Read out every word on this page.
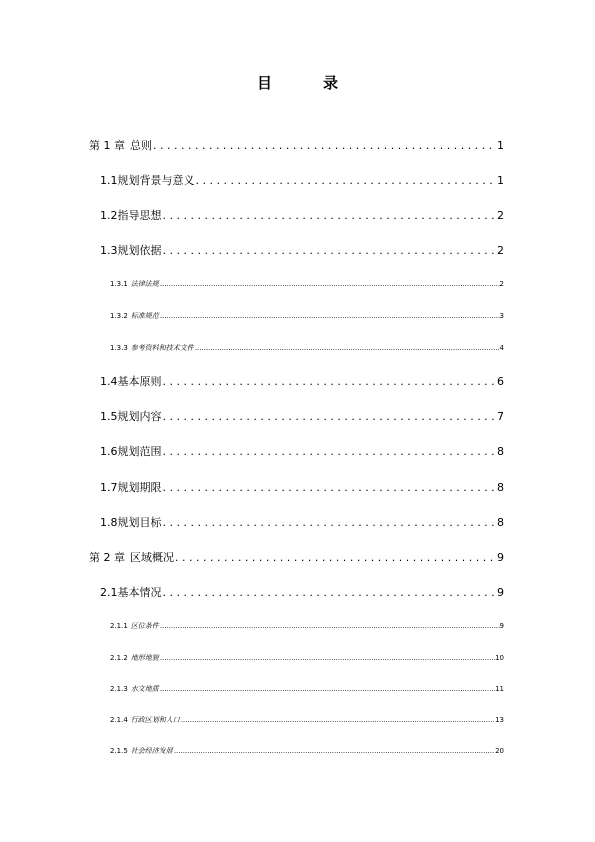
目　录
第 1 章 总则 . . .	1
1.1 规划背景与意义 . . .	1
1.2 指导思想 . . .	2
1.3 规划依据 . . .	2
1.3.1 法律法规 .....	2
1.3.2 标准规范 .....	3
1.3.3 参考资料和技术文件 .....	4
1.4 基本原则 . . .	6
1.5 规划内容 . . .	7
1.6 规划范围 . . .	8
1.7 规划期限 . . .	8
1.8 规划目标 . . .	8
第 2 章 区域概况 . . .	9
2.1 基本情况 . . .	9
2.1.1 区位条件 .....	9
2.1.2 地形地貌 .....	10
2.1.3 水文地质 .....	11
2.1.4 行政区划和人口 .....	13
2.1.5 社会经济发展 .....	20
